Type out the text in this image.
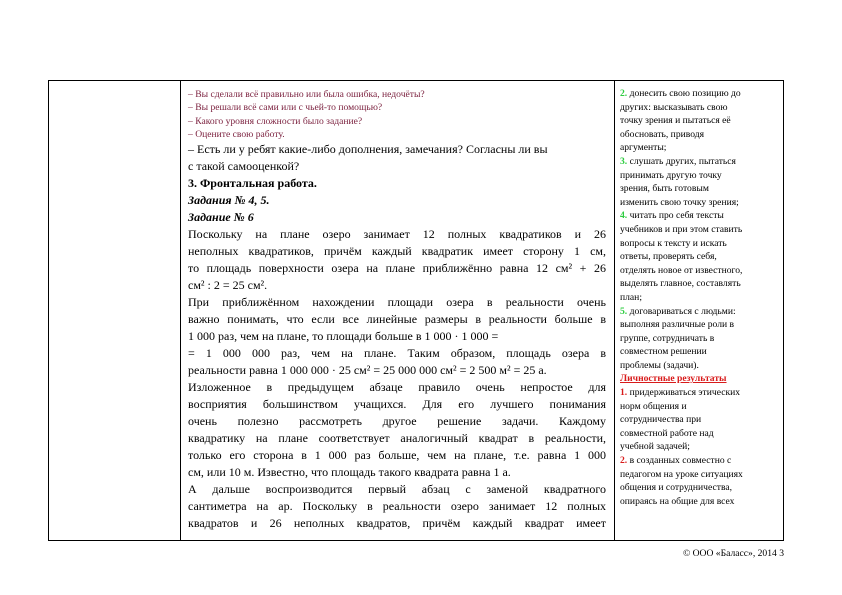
– Вы сделали всё правильно или была ошибка, недочёты?
– Вы решали всё сами или с чьей-то помощью?
– Какого уровня сложности было задание?
– Оцените свою работу.
– Есть ли у ребят какие-либо дополнения, замечания? Согласны ли вы
с такой самооценкой?
3. Фронтальная работа.
Задания № 4, 5.
Задание № 6
Поскольку на плане озеро занимает 12 полных квадратиков и 26
неполных квадратиков, причём каждый квадратик имеет сторону 1 см,
то площадь поверхности озера на плане приближённо равна 12 см² + 26
см² : 2 = 25 см².
При приближённом нахождении площади озера в реальности очень
важно понимать, что если все линейные размеры в реальности больше в
1 000 раз, чем на плане, то площади больше в 1 000 · 1 000 =
= 1 000 000 раз, чем на плане. Таким образом, площадь озера в
реальности равна 1 000 000 · 25 см² = 25 000 000 см² = 2 500 м² = 25 а.
Изложенное в предыдущем абзаце правило очень непростое для
восприятия большинством учащихся. Для его лучшего понимания
очень полезно рассмотреть другое решение задачи. Каждому
квадратику на плане соответствует аналогичный квадрат в реальности,
только его сторона в 1 000 раз больше, чем на плане, т.е. равна 1 000
см, или 10 м. Известно, что площадь такого квадрата равна 1 а.
А дальше воспроизводится первый абзац с заменой квадратного
сантиметра на ар. Поскольку в реальности озеро занимает 12 полных
квадратов и 26 неполных квадратов, причём каждый квадрат имеет
2. донесить свою позицию до
других: высказывать свою
точку зрения и пытаться её
обосновать, приводя
аргументы;
3. слушать других, пытаться
принимать другую точку
зрения, быть готовым
изменить свою точку зрения;
4. читать про себя тексты
учебников и при этом ставить
вопросы к тексту и искать
ответы, проверять себя,
отделять новое от известного,
выделять главное, составлять
план;
5. договариваться с людьми:
выполняя различные роли в
группе, сотрудничать в
совместном решении
проблемы (задачи).
Личностные результаты
1. придерживаться этических
норм общения и
сотрудничества при
совместной работе над
учебной задачей;
2. в созданных совместно с
педагогом на уроке ситуациях
общения и сотрудничества,
опираясь на общие для всех
© ООО «Баласс», 2014 3
